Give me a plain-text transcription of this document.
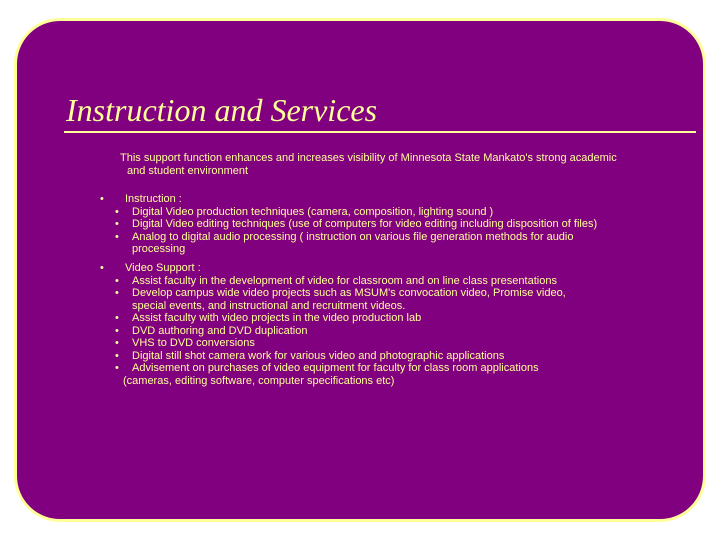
Instruction and Services

This support function enhances and increases visibility of Minnesota State Mankato's strong academic
and student environment

• Instruction :
• Digital Video production techniques (camera, composition, lighting sound )
• Digital Video editing techniques (use of computers for video editing including disposition of files)
• Analog to digital audio processing ( instruction on various file generation methods for audio
processing
• Video Support :
• Assist faculty in the development of video for classroom and on line class presentations
• Develop campus wide video projects such as MSUM's convocation video, Promise video,
special events, and instructional and recruitment videos.
• Assist faculty with video projects in the video production lab
• DVD authoring and DVD duplication
• VHS to DVD conversions
• Digital still shot camera work for various video and photographic applications
• Advisement on purchases of video equipment for faculty for class room applications
(cameras, editing software, computer specifications etc)
